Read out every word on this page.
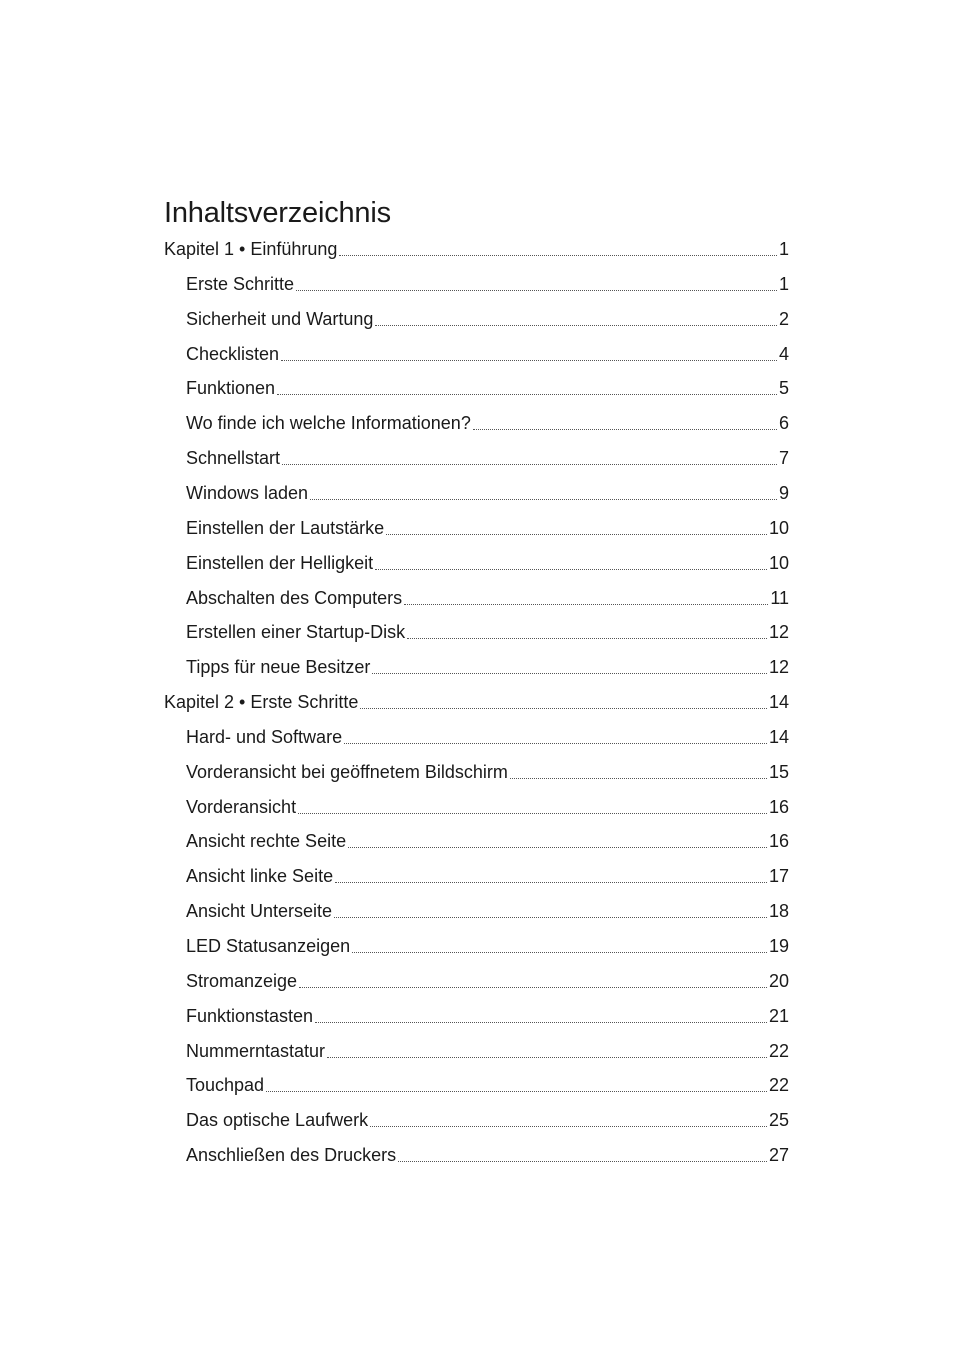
Inhaltsverzeichnis
Kapitel 1 • Einführung	1
Erste Schritte	1
Sicherheit und Wartung	2
Checklisten	4
Funktionen	5
Wo finde ich welche Informationen?	6
Schnellstart	7
Windows laden	9
Einstellen der Lautstärke	10
Einstellen der Helligkeit	10
Abschalten des Computers	11
Erstellen einer Startup-Disk	12
Tipps für neue Besitzer	12
Kapitel 2 • Erste Schritte	14
Hard- und Software	14
Vorderansicht bei geöffnetem Bildschirm	15
Vorderansicht	16
Ansicht rechte Seite	16
Ansicht linke Seite	17
Ansicht Unterseite	18
LED Statusanzeigen	19
Stromanzeige	20
Funktionstasten	21
Nummerntastatur	22
Touchpad	22
Das optische Laufwerk	25
Anschließen des Druckers	27
